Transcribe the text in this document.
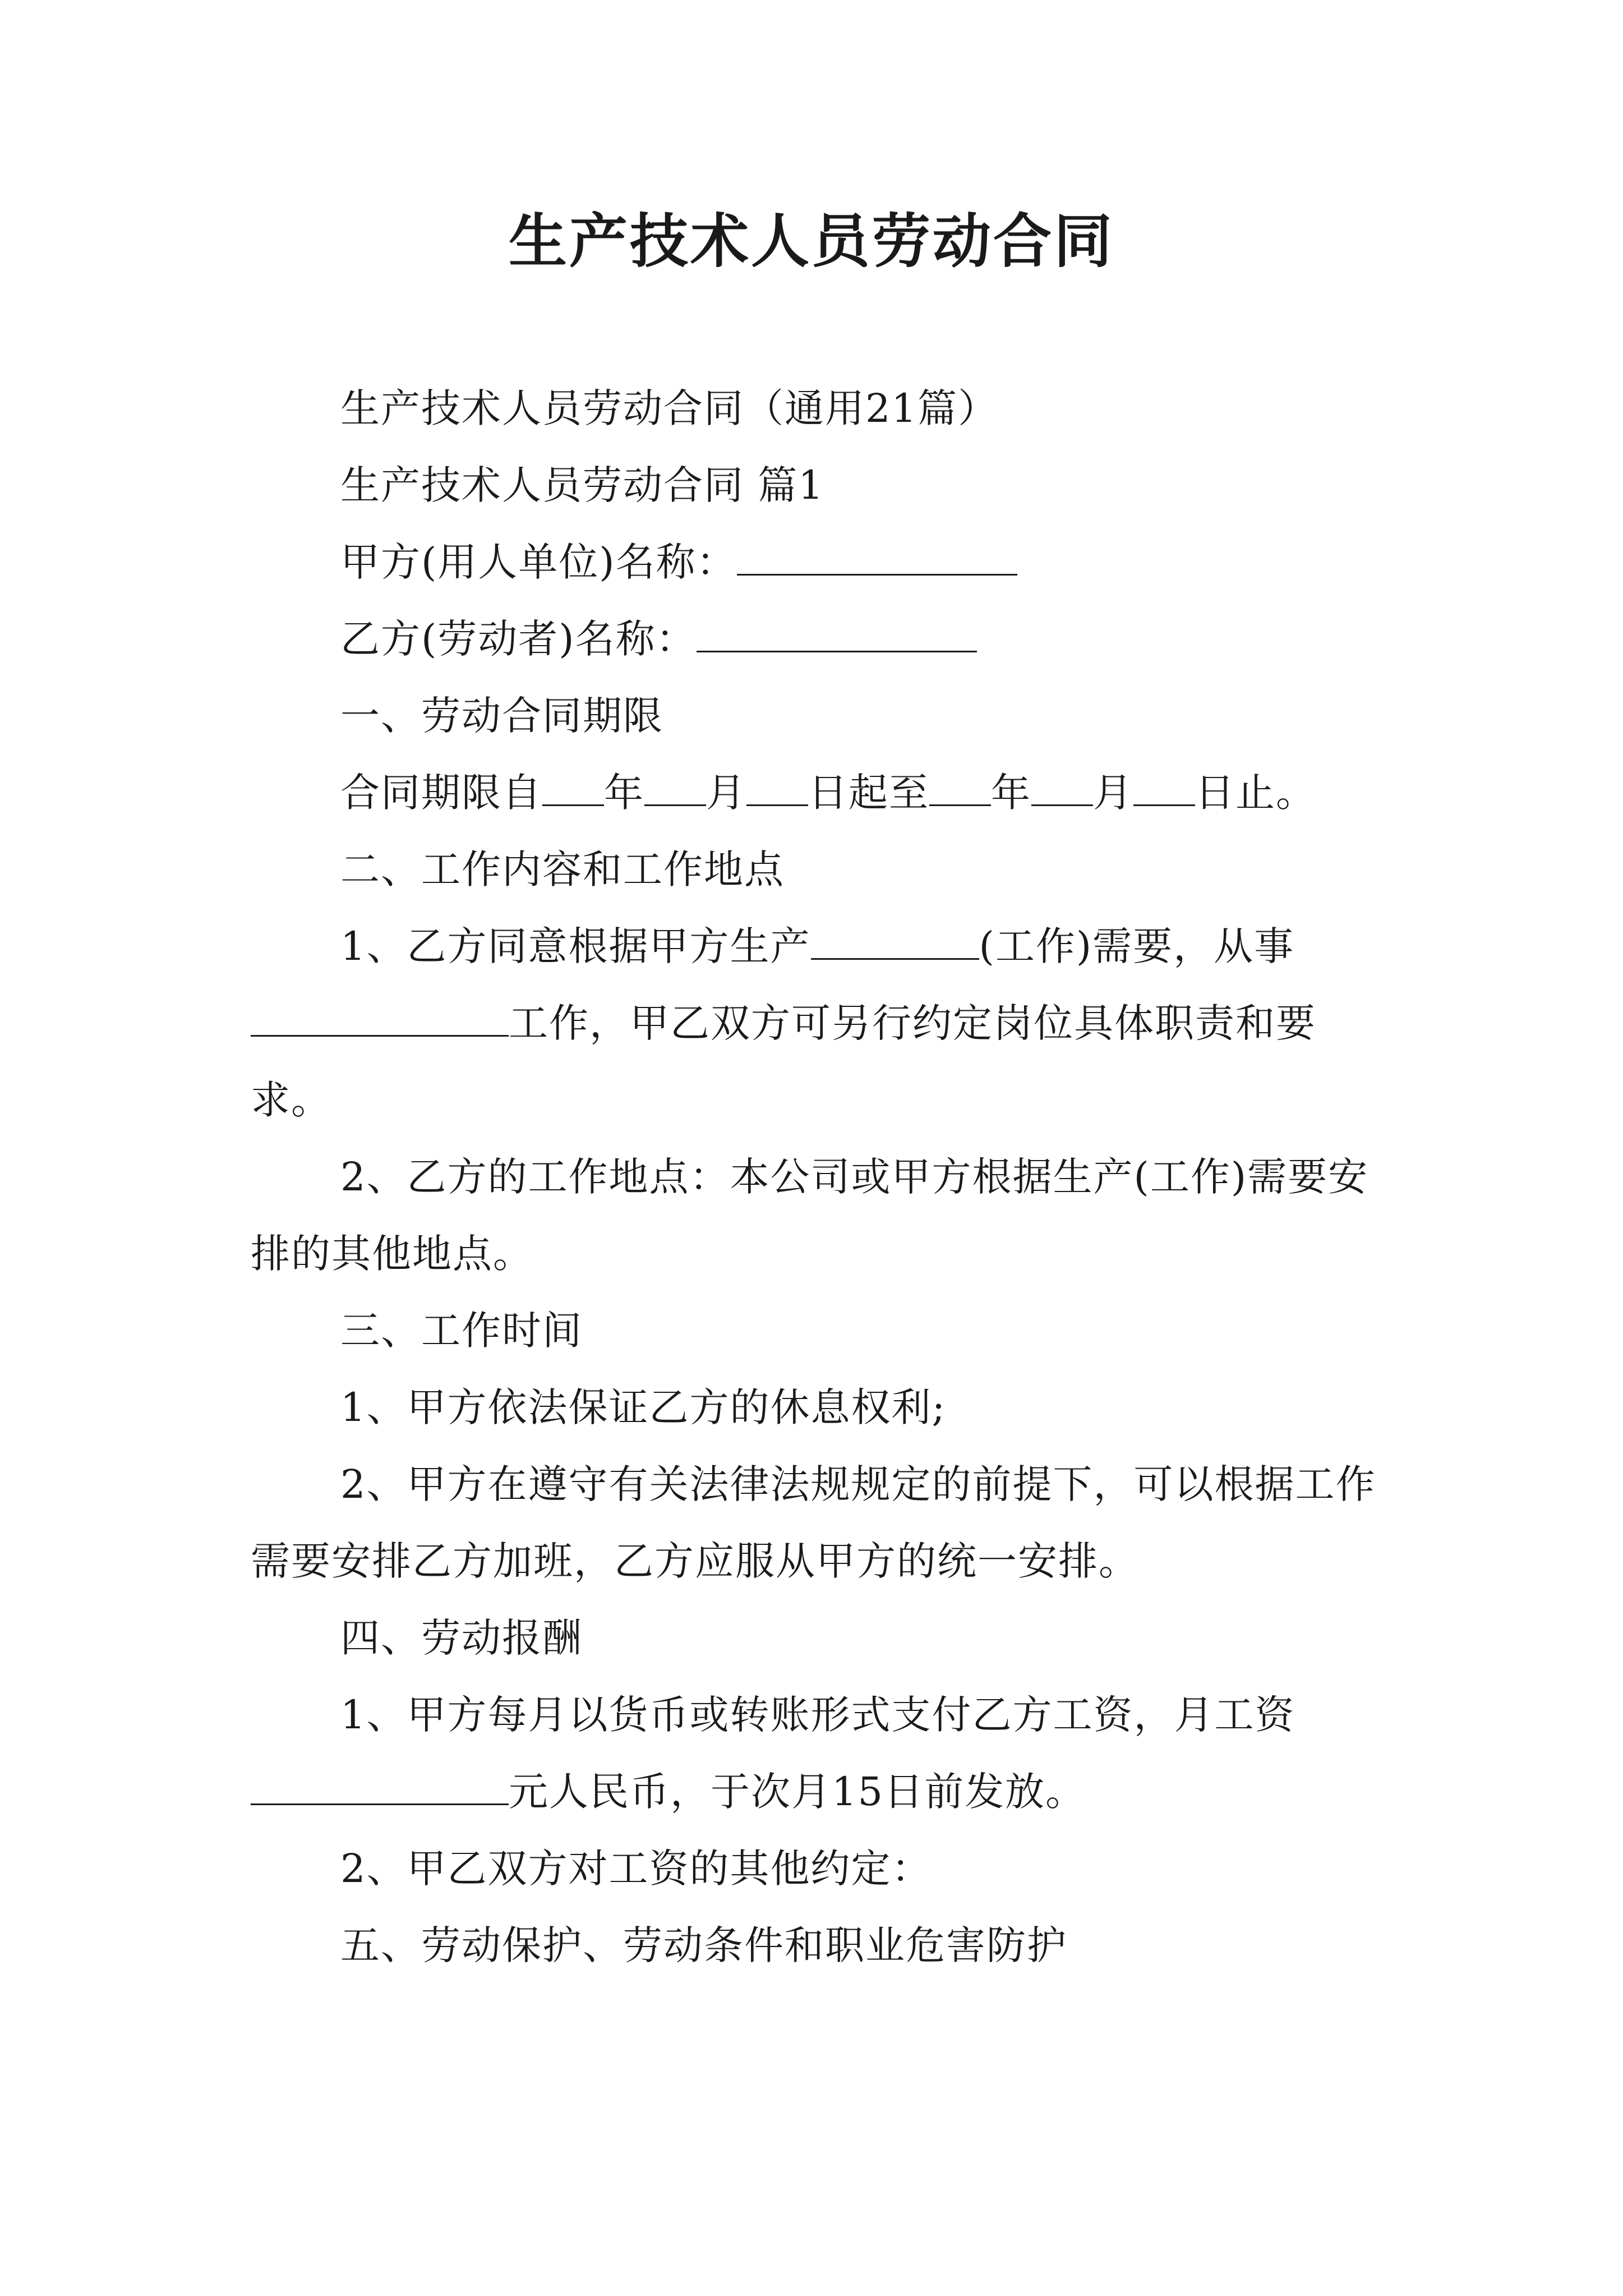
生产技术人员劳动合同

生产技术人员劳动合同（通用21篇）

生产技术人员劳动合同 篇1

甲方(用人单位)名称：

乙方(劳动者)名称：

一、劳动合同期限

合同期限自 年 月 日起至 年 月 日止。

二、工作内容和工作地点

1、乙方同意根据甲方生产	(工作)需要，从事工作，甲乙双方可另行约定岗位具体职责和要求。

2、乙方的工作地点：本公司或甲方根据生产(工作)需要安排的其他地点。

三、工作时间

1、甲方依法保证乙方的休息权利;

2、甲方在遵守有关法律法规规定的前提下，可以根据工作需要安排乙方加班，乙方应服从甲方的统一安排。

四、劳动报酬

1、甲方每月以货币或转账形式支付乙方工资，月工资元人民币，于次月15日前发放。

2、甲乙双方对工资的其他约定：

五、劳动保护、劳动条件和职业危害防护
